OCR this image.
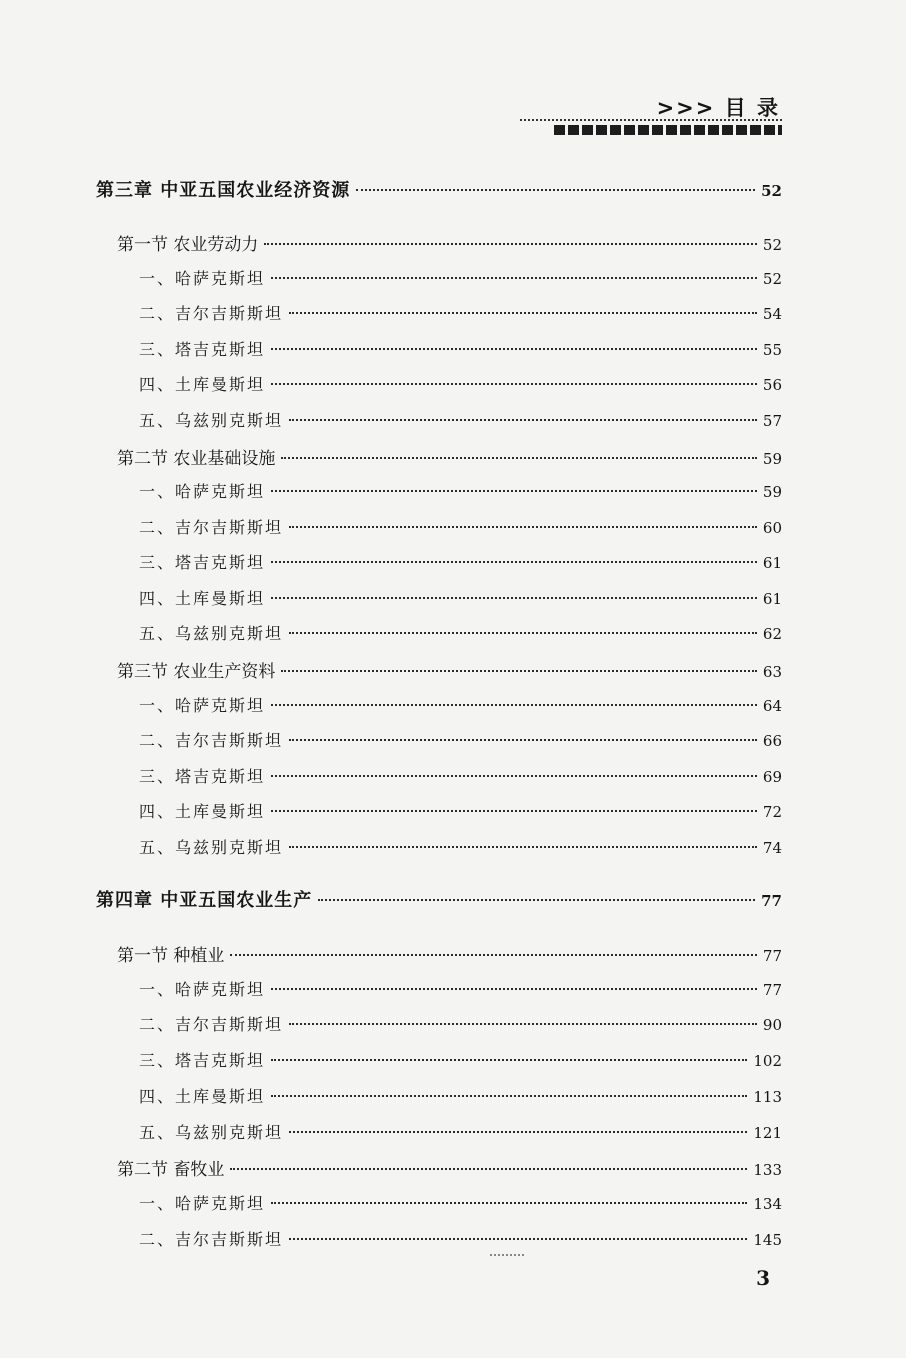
>>> 目 录
第三章 中亚五国农业经济资源	52
第一节 农业劳动力	52
一、哈萨克斯坦	52
二、吉尔吉斯斯坦	54
三、塔吉克斯坦	55
四、土库曼斯坦	56
五、乌兹别克斯坦	57
第二节 农业基础设施	59
一、哈萨克斯坦	59
二、吉尔吉斯斯坦	60
三、塔吉克斯坦	61
四、土库曼斯坦	61
五、乌兹别克斯坦	62
第三节 农业生产资料	63
一、哈萨克斯坦	64
二、吉尔吉斯斯坦	66
三、塔吉克斯坦	69
四、土库曼斯坦	72
五、乌兹别克斯坦	74
第四章 中亚五国农业生产	77
第一节 种植业	77
一、哈萨克斯坦	77
二、吉尔吉斯斯坦	90
三、塔吉克斯坦	102
四、土库曼斯坦	113
五、乌兹别克斯坦	121
第二节 畜牧业	133
一、哈萨克斯坦	134
二、吉尔吉斯斯坦	145
3
